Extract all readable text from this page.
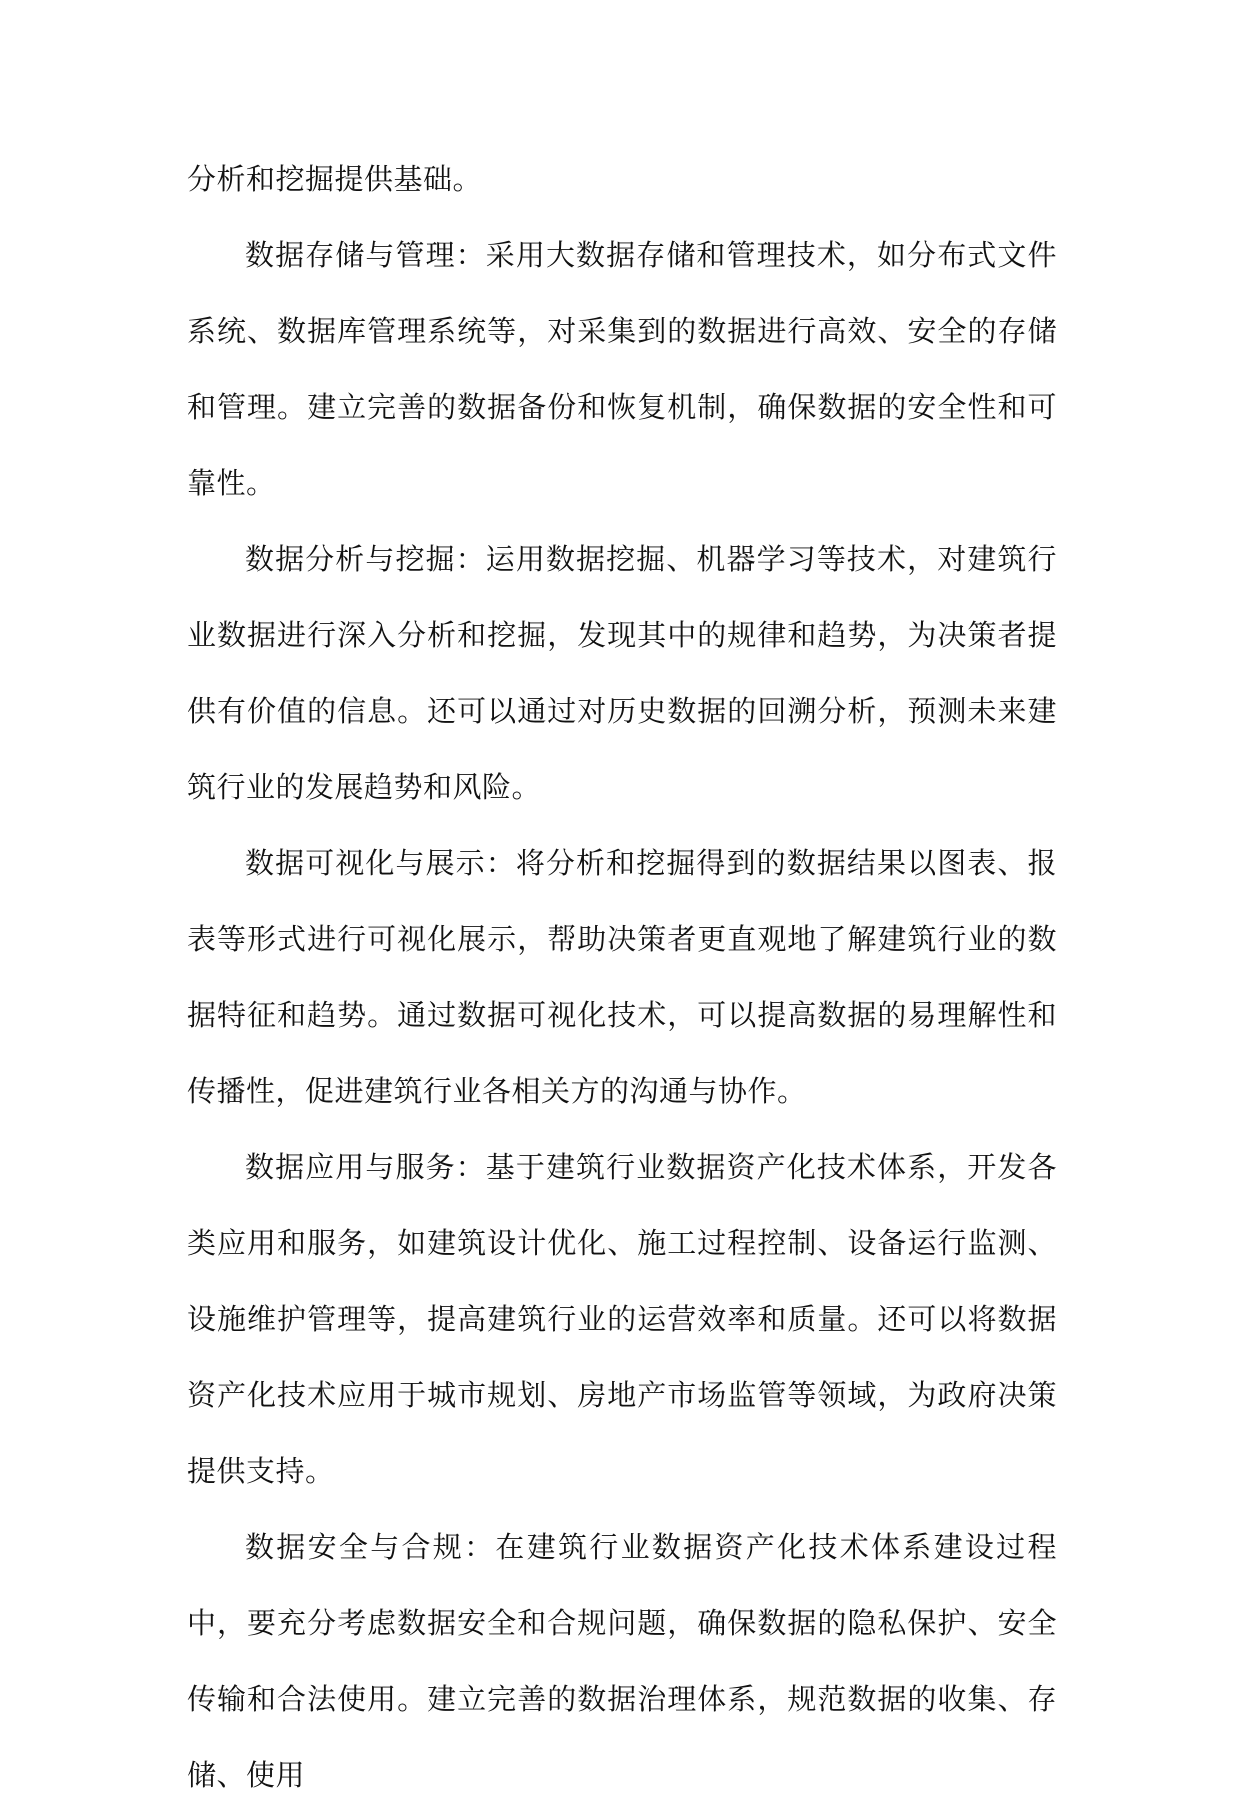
分析和挖掘提供基础。

数据存储与管理：采用大数据存储和管理技术，如分布式文件系统、数据库管理系统等，对采集到的数据进行高效、安全的存储和管理。建立完善的数据备份和恢复机制，确保数据的安全性和可靠性。

数据分析与挖掘：运用数据挖掘、机器学习等技术，对建筑行业数据进行深入分析和挖掘，发现其中的规律和趋势，为决策者提供有价值的信息。还可以通过对历史数据的回溯分析，预测未来建筑行业的发展趋势和风险。

数据可视化与展示：将分析和挖掘得到的数据结果以图表、报表等形式进行可视化展示，帮助决策者更直观地了解建筑行业的数据特征和趋势。通过数据可视化技术，可以提高数据的易理解性和传播性，促进建筑行业各相关方的沟通与协作。

数据应用与服务：基于建筑行业数据资产化技术体系，开发各类应用和服务，如建筑设计优化、施工过程控制、设备运行监测、设施维护管理等，提高建筑行业的运营效率和质量。还可以将数据资产化技术应用于城市规划、房地产市场监管等领域，为政府决策提供支持。

数据安全与合规：在建筑行业数据资产化技术体系建设过程中，要充分考虑数据安全和合规问题，确保数据的隐私保护、安全传输和合法使用。建立完善的数据治理体系，规范数据的收集、存储、使用
